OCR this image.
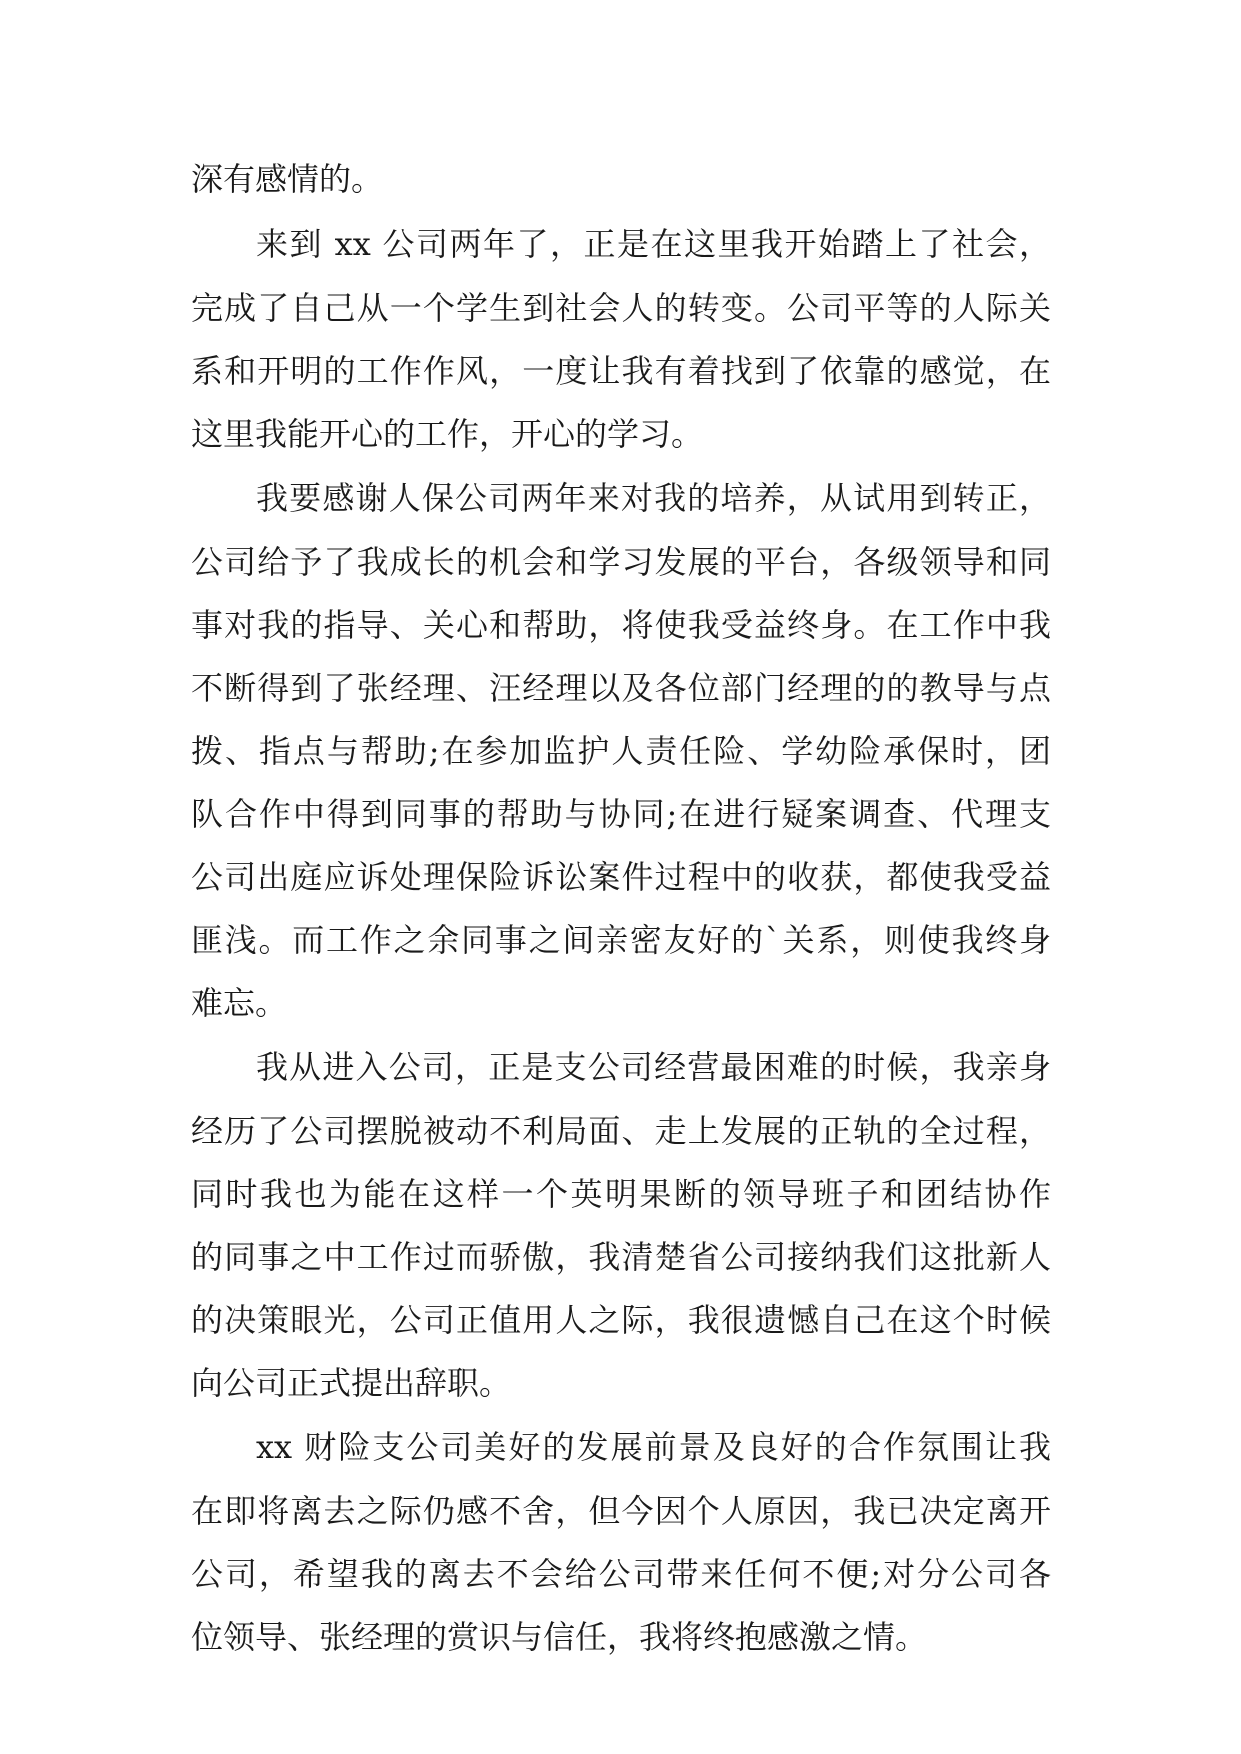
深有感情的。
来到 xx 公司两年了，正是在这里我开始踏上了社会，
完成了自己从一个学生到社会人的转变。公司平等的人际关
系和开明的工作作风，一度让我有着找到了依靠的感觉，在
这里我能开心的工作，开心的学习。
我要感谢人保公司两年来对我的培养，从试用到转正，
公司给予了我成长的机会和学习发展的平台，各级领导和同
事对我的指导、关心和帮助，将使我受益终身。在工作中我
不断得到了张经理、汪经理以及各位部门经理的的教导与点
拨、指点与帮助;在参加监护人责任险、学幼险承保时，团
队合作中得到同事的帮助与协同;在进行疑案调查、代理支
公司出庭应诉处理保险诉讼案件过程中的收获，都使我受益
匪浅。而工作之余同事之间亲密友好的`关系，则使我终身
难忘。
我从进入公司，正是支公司经营最困难的时候，我亲身
经历了公司摆脱被动不利局面、走上发展的正轨的全过程，
同时我也为能在这样一个英明果断的领导班子和团结协作
的同事之中工作过而骄傲，我清楚省公司接纳我们这批新人
的决策眼光，公司正值用人之际，我很遗憾自己在这个时候
向公司正式提出辞职。
xx 财险支公司美好的发展前景及良好的合作氛围让我
在即将离去之际仍感不舍，但今因个人原因，我已决定离开
公司，希望我的离去不会给公司带来任何不便;对分公司各
位领导、张经理的赏识与信任，我将终抱感激之情。
